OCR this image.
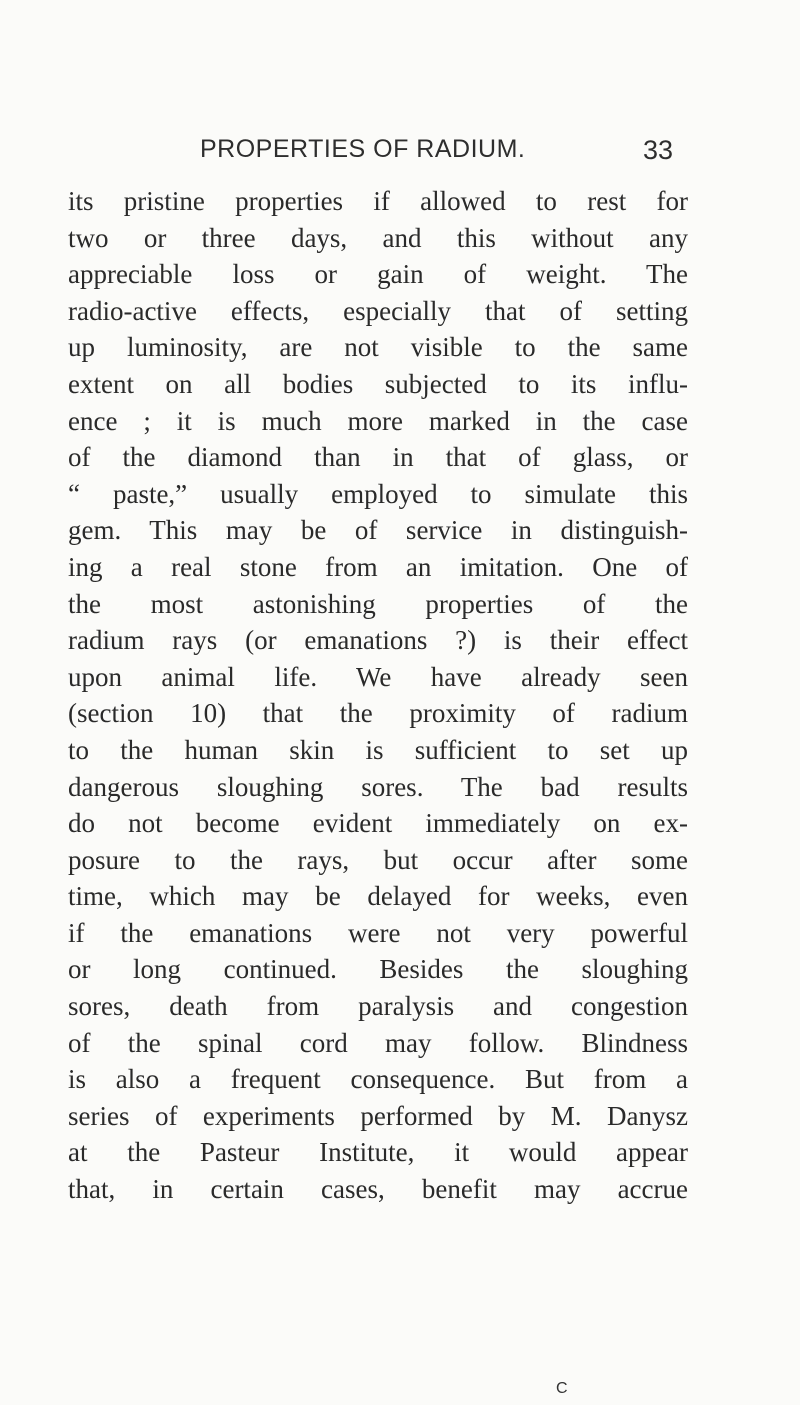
PROPERTIES OF RADIUM.	33
its pristine properties if allowed to rest for
two or three days, and this without any
appreciable loss or gain of weight. The
radio-active effects, especially that of setting
up luminosity, are not visible to the same
extent on all bodies subjected to its influ-
ence ; it is much more marked in the case
of the diamond than in that of glass, or
“ paste,” usually employed to simulate this
gem. This may be of service in distinguish-
ing a real stone from an imitation. One of
the most astonishing properties of the
radium rays (or emanations ?) is their effect
upon animal life. We have already seen
(section 10) that the proximity of radium
to the human skin is sufficient to set up
dangerous sloughing sores. The bad results
do not become evident immediately on ex-
posure to the rays, but occur after some
time, which may be delayed for weeks, even
if the emanations were not very powerful
or long continued. Besides the sloughing
sores, death from paralysis and congestion
of the spinal cord may follow. Blindness
is also a frequent consequence. But from a
series of experiments performed by M. Danysz
at the Pasteur Institute, it would appear
that, in certain cases, benefit may accrue
C
